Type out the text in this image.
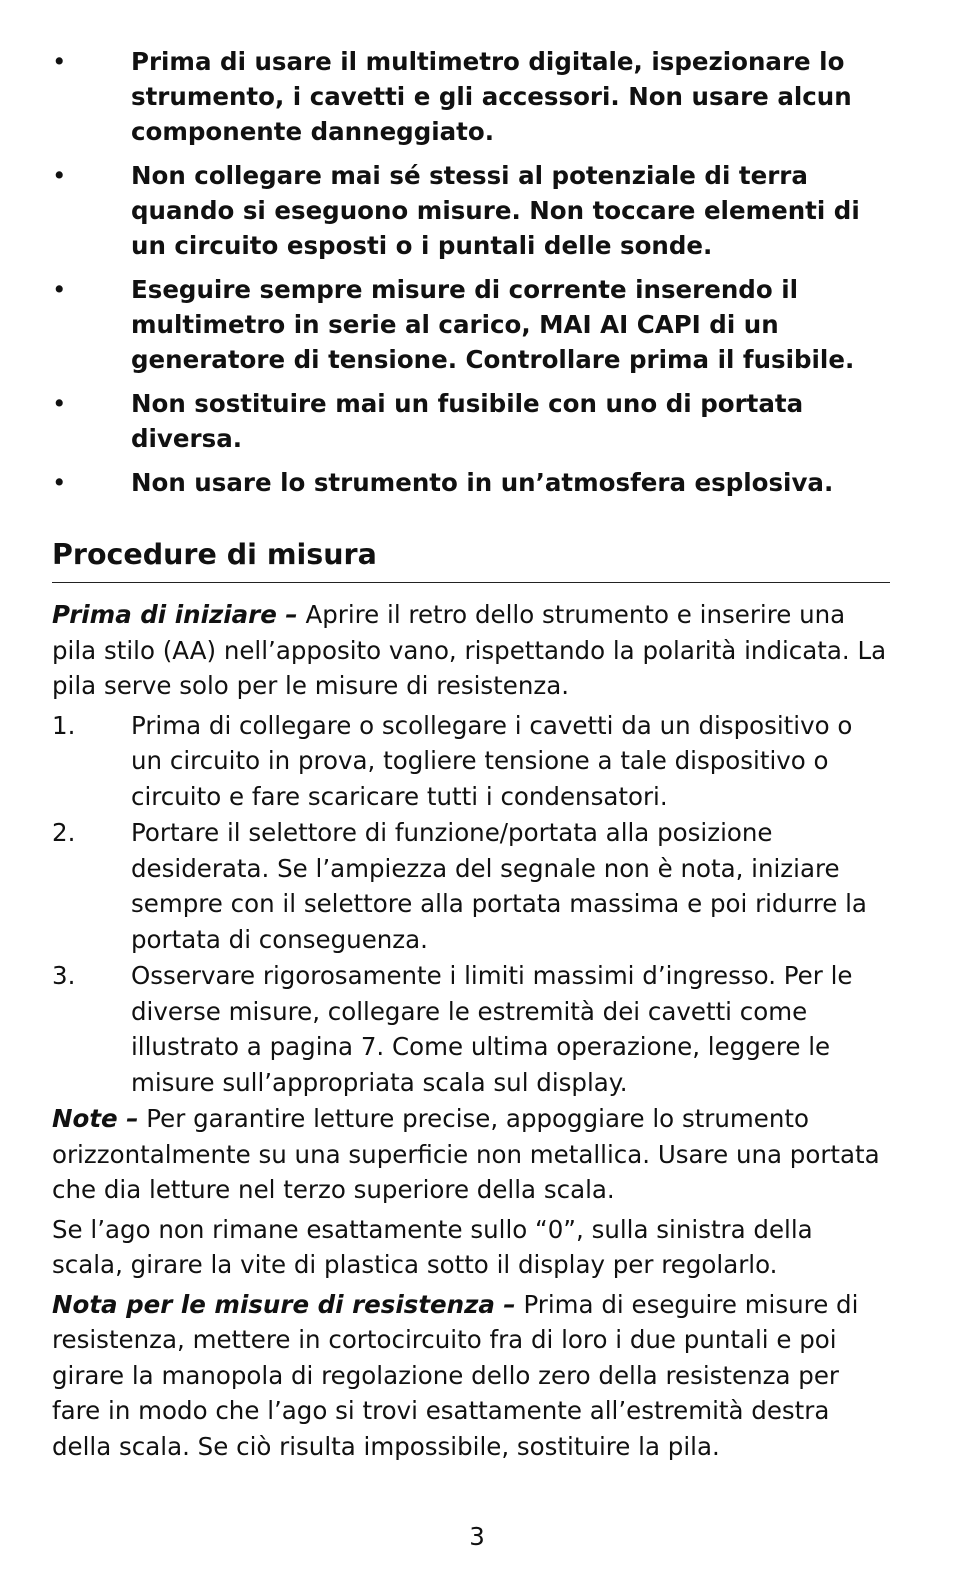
•	Prima di usare il multimetro digitale, ispezionare lo strumento, i cavetti e gli accessori. Non usare alcun componente danneggiato.
•	Non collegare mai sé stessi al potenziale di terra quando si eseguono misure. Non toccare elementi di un circuito esposti o i puntali delle sonde.
•	Eseguire sempre misure di corrente inserendo il multimetro in serie al carico, MAI AI CAPI di un generatore di tensione. Controllare prima il fusibile.
•	Non sostituire mai un fusibile con uno di portata diversa.
•	Non usare lo strumento in un’atmosfera esplosiva.
Procedure di misura

Prima di iniziare – Aprire il retro dello strumento e inserire una pila stilo (AA) nell’apposito vano, rispettando la polarità indicata. La pila serve solo per le misure di resistenza.

1. Prima di collegare o scollegare i cavetti da un dispositivo o un circuito in prova, togliere tensione a tale dispositivo o circuito e fare scaricare tutti i condensatori.
2. Portare il selettore di funzione/portata alla posizione desiderata. Se l’ampiezza del segnale non è nota, iniziare sempre con il selettore alla portata massima e poi ridurre la portata di conseguenza.
3. Osservare rigorosamente i limiti massimi d’ingresso. Per le diverse misure, collegare le estremità dei cavetti come illustrato a pagina 7. Come ultima operazione, leggere le misure sull’appropriata scala sul display.

Note – Per garantire letture precise, appoggiare lo strumento orizzontalmente su una superficie non metallica. Usare una portata che dia letture nel terzo superiore della scala.

Se l’ago non rimane esattamente sullo “0”, sulla sinistra della scala, girare la vite di plastica sotto il display per regolarlo.

Nota per le misure di resistenza – Prima di eseguire misure di resistenza, mettere in cortocircuito fra di loro i due puntali e poi girare la manopola di regolazione dello zero della resistenza per fare in modo che l’ago si trovi esattamente all’estremità destra della scala. Se ciò risulta impossibile, sostituire la pila.

3
